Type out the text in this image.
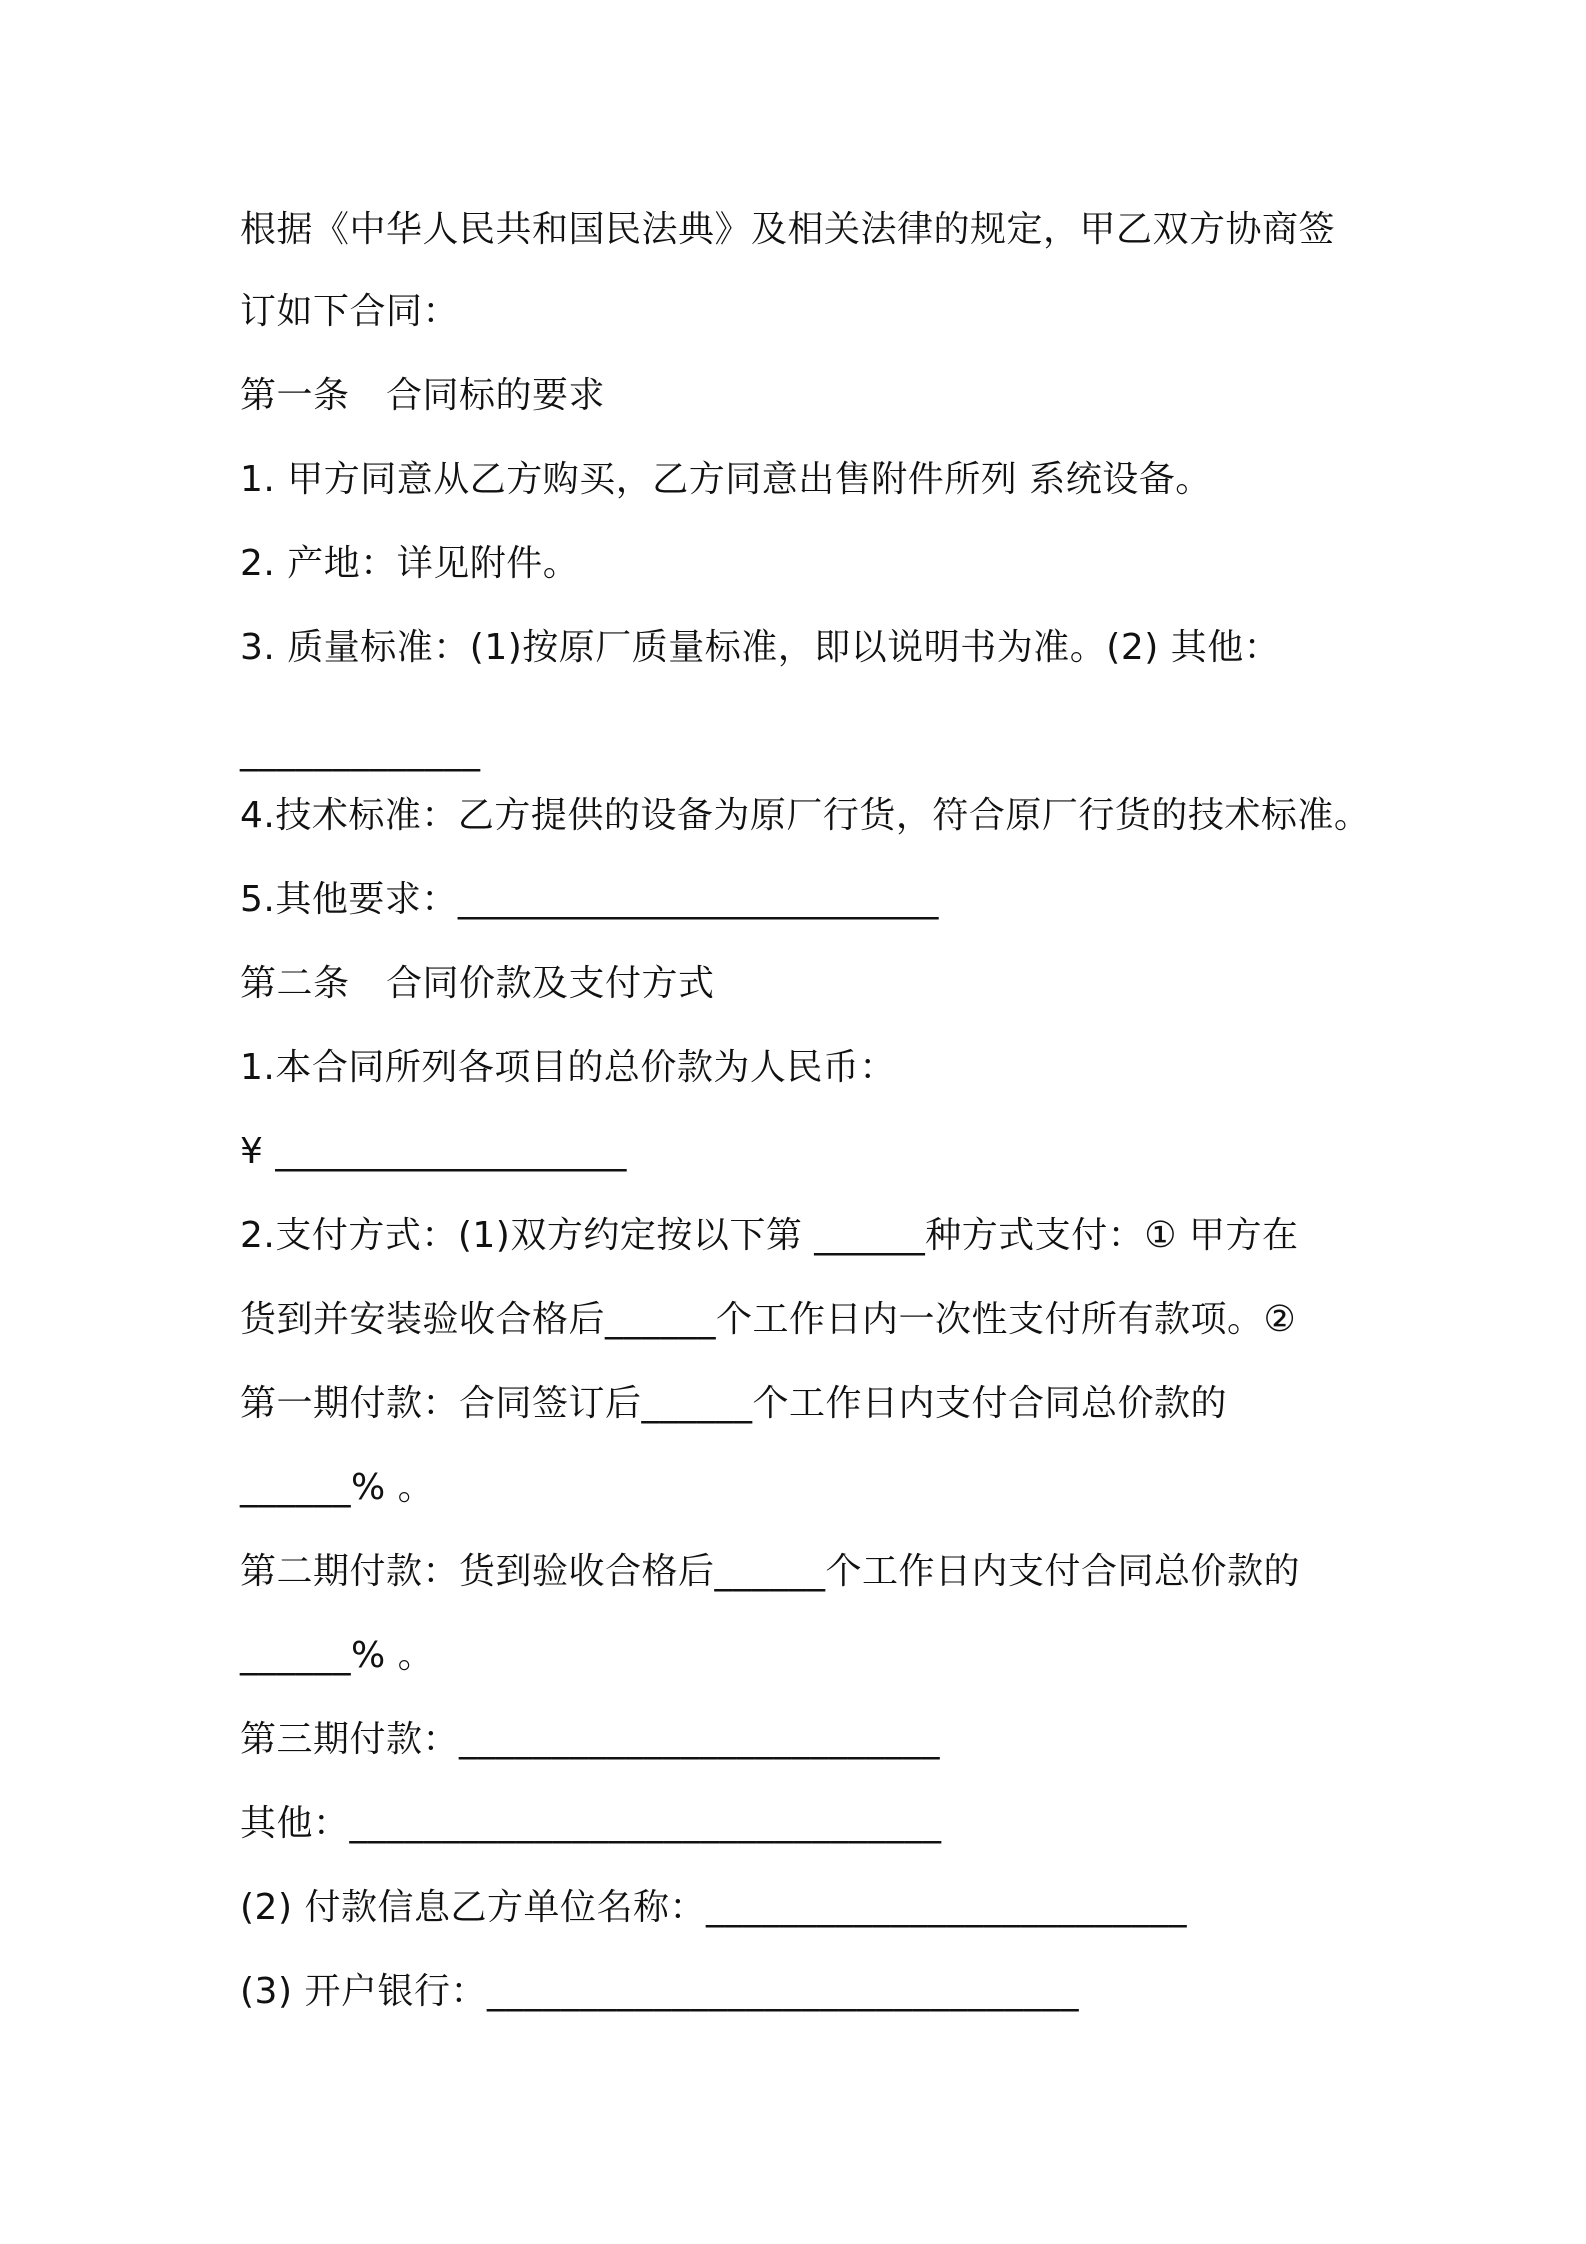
根据《中华人民共和国民法典》及相关法律的规定，甲乙双方协商签
订如下合同：
第一条　合同标的要求
1. 甲方同意从乙方购买，乙方同意出售附件所列 系统设备。
2. 产地：详见附件。
3. 质量标准：(1)按原厂质量标准，即以说明书为准。(2) 其他：
_____________
4.技术标准：乙方提供的设备为原厂行货，符合原厂行货的技术标准。
5.其他要求：__________________________
第二条　合同价款及支付方式
1.本合同所列各项目的总价款为人民币：
¥ ___________________
2.支付方式：(1)双方约定按以下第 ______种方式支付：① 甲方在
货到并安装验收合格后______个工作日内一次性支付所有款项。②
第一期付款：合同签订后______个工作日内支付合同总价款的
______% 。
第二期付款：货到验收合格后______个工作日内支付合同总价款的
______% 。
第三期付款：__________________________
其他：________________________________
(2) 付款信息乙方单位名称：__________________________
(3) 开户银行：________________________________
